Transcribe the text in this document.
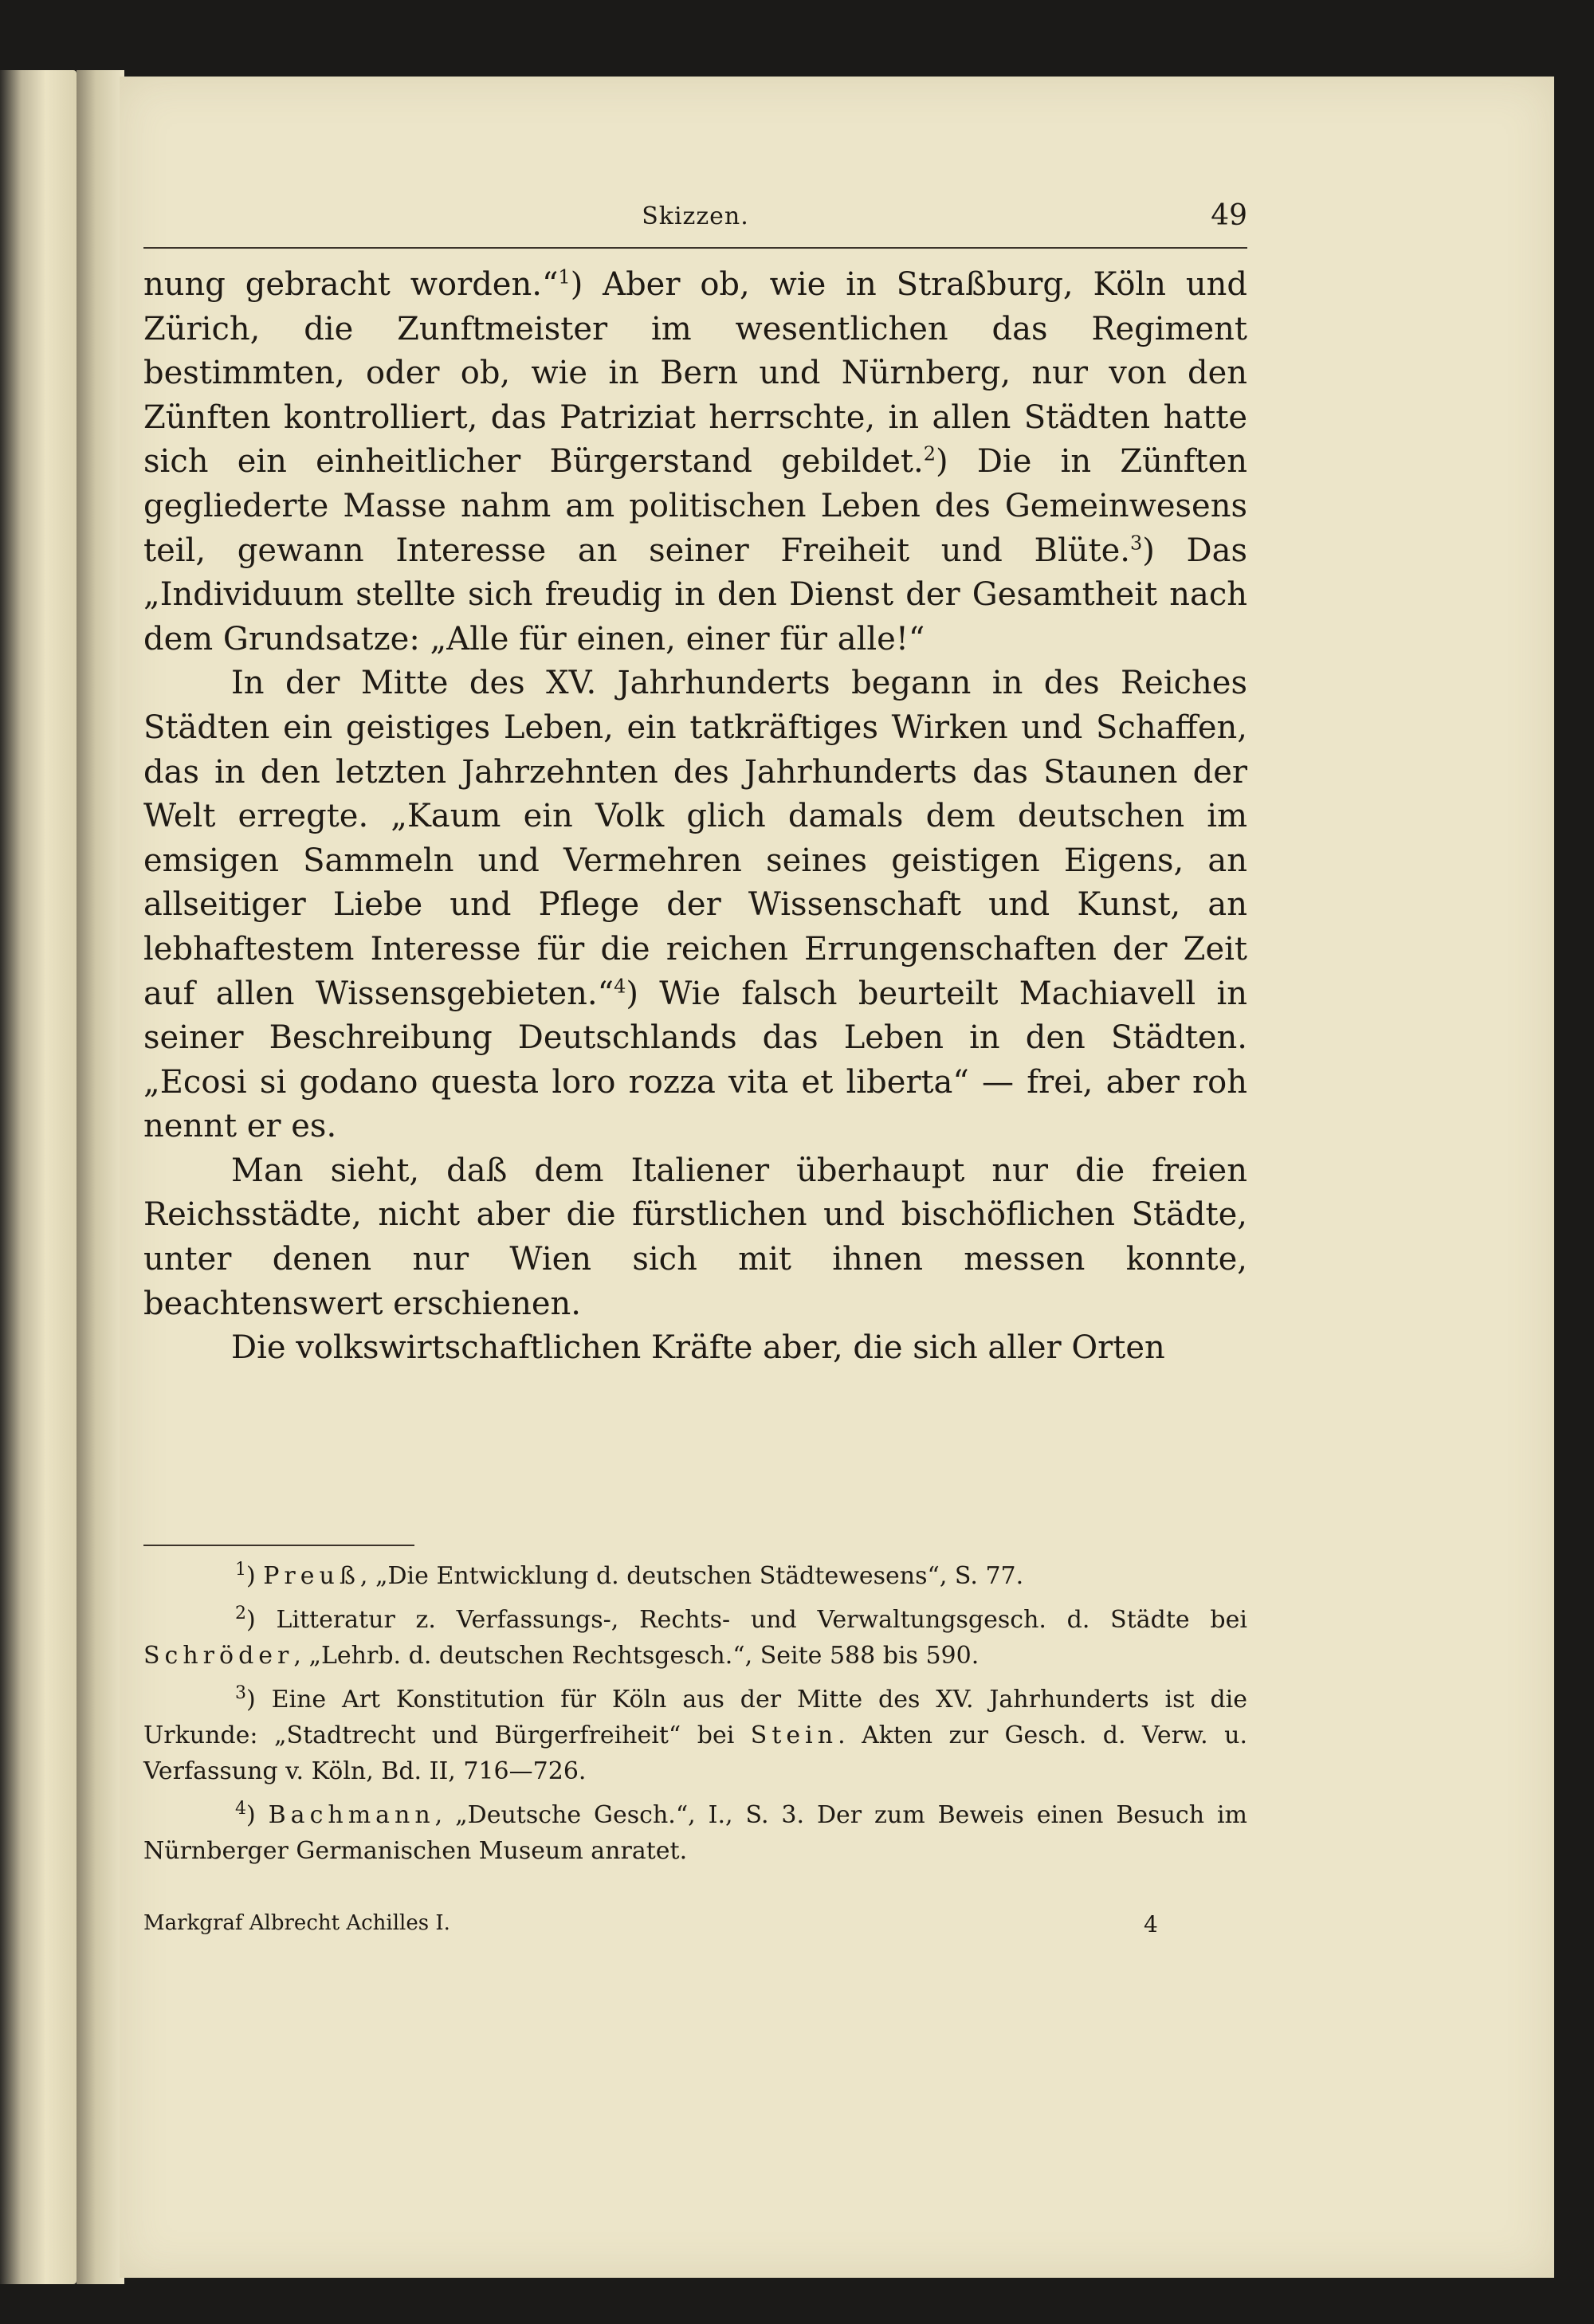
Skizzen.	49

nung gebracht worden.“$^1$) Aber ob, wie in Straßburg, Köln und Zürich, die Zunftmeister im wesentlichen das Regiment bestimmten, oder ob, wie in Bern und Nürnberg, nur von den Zünften kontrolliert, das Patriziat herrschte, in allen Städten hatte sich ein einheitlicher Bürgerstand gebildet.$^2$) Die in Zünften gegliederte Masse nahm am politischen Leben des Gemeinwesens teil, gewann Interesse an seiner Freiheit und Blüte.$^3$) Das „Individuum stellte sich freudig in den Dienst der Gesamtheit nach dem Grundsatze: „Alle für einen, einer für alle!“

In der Mitte des XV. Jahrhunderts begann in des Reiches Städten ein geistiges Leben, ein tatkräftiges Wirken und Schaffen, das in den letzten Jahrzehnten des Jahrhunderts das Staunen der Welt erregte. „Kaum ein Volk glich damals dem deutschen im emsigen Sammeln und Vermehren seines geistigen Eigens, an allseitiger Liebe und Pflege der Wissenschaft und Kunst, an lebhaftestem Interesse für die reichen Errungenschaften der Zeit auf allen Wissensgebieten.“$^4$) Wie falsch beurteilt Machiavell in seiner Beschreibung Deutschlands das Leben in den Städten. „Ecosi si godano questa loro rozza vita et liberta“ — frei, aber roh nennt er es.

Man sieht, daß dem Italiener überhaupt nur die freien Reichsstädte, nicht aber die fürstlichen und bischöflichen Städte, unter denen nur Wien sich mit ihnen messen konnte, beachtenswert erschienen.

Die volkswirtschaftlichen Kräfte aber, die sich aller Orten

$^1$) Preuß, „Die Entwicklung d. deutschen Städtewesens“, S. 77.

$^2$) Litteratur z. Verfassungs-, Rechts- und Verwaltungsgesch. d. Städte bei Schröder, „Lehrb. d. deutschen Rechtsgesch.“, Seite 588 bis 590.

$^3$) Eine Art Konstitution für Köln aus der Mitte des XV. Jahrhunderts ist die Urkunde: „Stadtrecht und Bürgerfreiheit“ bei Stein. Akten zur Gesch. d. Verw. u. Verfassung v. Köln, Bd. II, 716—726.

$^4$) Bachmann, „Deutsche Gesch.“, I., S. 3. Der zum Beweis einen Besuch im Nürnberger Germanischen Museum anratet.

Markgraf Albrecht Achilles I.	4
